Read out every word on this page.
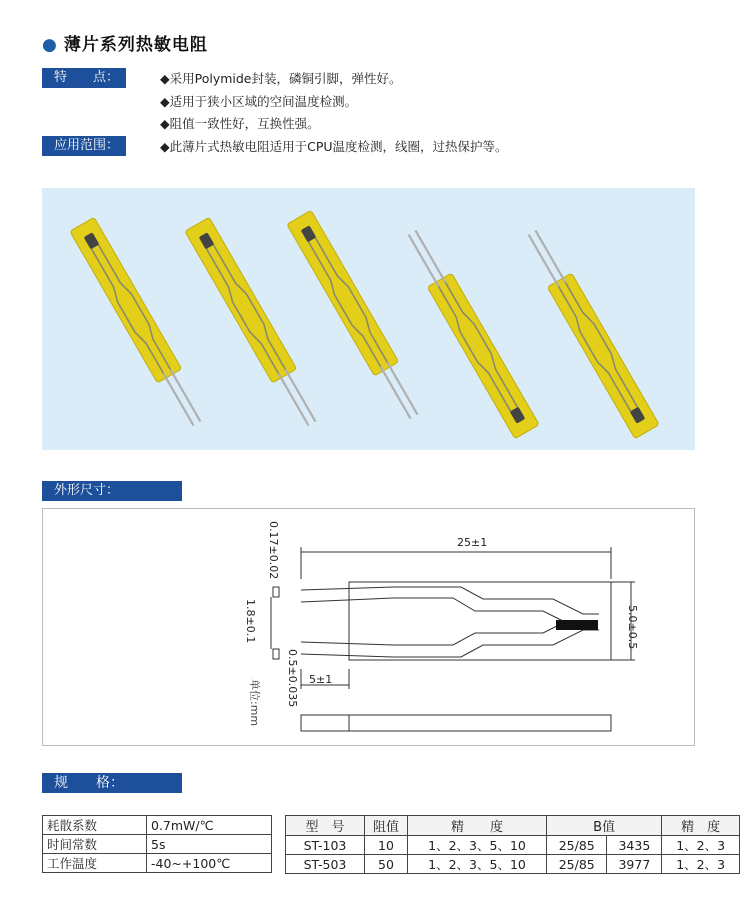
● 薄片系列热敏电阻
特　　点：	◆采用Polymide封装，磷铜引脚，弹性好。
◆适用于狭小区域的空间温度检测。
◆阻值一致性好，互换性强。
应用范围：	◆此薄片式热敏电阻适用于CPU温度检测，线圈，过热保护等。
外形尺寸：
25±1
5.0±0.5
0.17±0.02
1.8±0.1
0.5±0.035 5±1
单位:mm
规　　格：
耗散系数	0.7mW/℃
时间常数	5s
工作温度	-40~+100℃
型　号	阻值	精　　度	B值		精　度
ST-103	10	1、2、3、5、10	25/85	3435	1、2、3
ST-503	50	1、2、3、5、10	25/85	3977	1、2、3
